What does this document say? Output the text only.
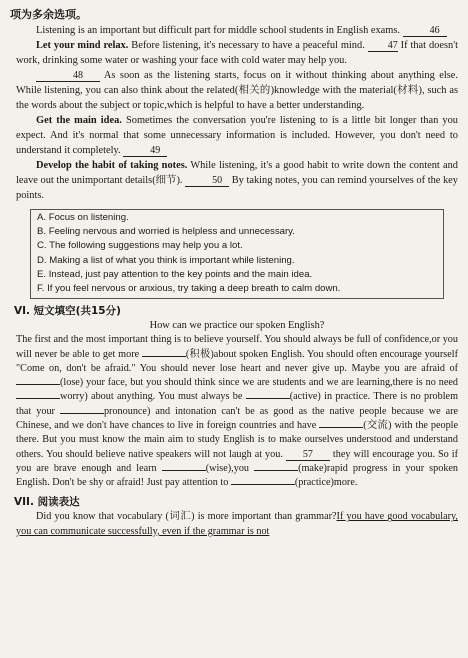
项为多余选项。

Listening is an important but difficult part for middle school students in English exams.	46

Let your mind relax. Before listening, it's necessary to have a peaceful mind. 47 If that doesn't work, drinking some water or washing your face with cold water may help you.

48 As soon as the listening starts, focus on it without thinking about anything else. While listening, you can also think about the related(相关的)knowledge with the material(材料), such as the words about the subject or topic,which is helpful to have a better understanding.

Get the main idea. Sometimes the conversation you're listening to is a little bit longer than you expect. And it's normal that some unnecessary information is included. However, you don't need to understand it completely.	49

Develop the habit of taking notes. While listening, it's a good habit to write down the content and leave out the unimportant details(细节).	50 By taking notes, you can remind yourselves of the key points.

A. Focus on listening.
B. Feeling nervous and worried is helpless and unnecessary.
C. The following suggestions may help you a lot.
D. Making a list of what you think is important while listening.
E. Instead, just pay attention to the key points and the main idea.
F. If you feel nervous or anxious, try taking a deep breath to calm down.
VI. 短文填空(共15分)

How can we practice our spoken English?

The first and the most important thing is to believe yourself. You should always be full of confidence,or you will never be able to get more	(积极)about spoken English. You should often encourage yourself "Come on, don't be afraid." You should never lose heart and never give up. Maybe you are afraid of (lose) your face, but you should think since we are students and we are learning,there is no need worry) about anything. You must always be	(active) in practice. There is no problem that your	pronounce) and intonation can't be as good as the native people because we are Chinese, and we don't have chances to live in foreign countries and have	(交流) with the people there. But you must know the main aim to study English is to make ourselves understood and understand others. You should believe native speakers will not laugh at you. 57 they will encourage you. So if you are brave enough and learn	(wise),you	(make)rapid progress in your spoken English. Don't be shy or afraid! Just pay attention to	(practice)more.

VII. 阅读表达

Did you know that vocabulary (词汇) is more important than grammar?If you have good vocabulary, you can communicate successfully, even if the grammar is not
